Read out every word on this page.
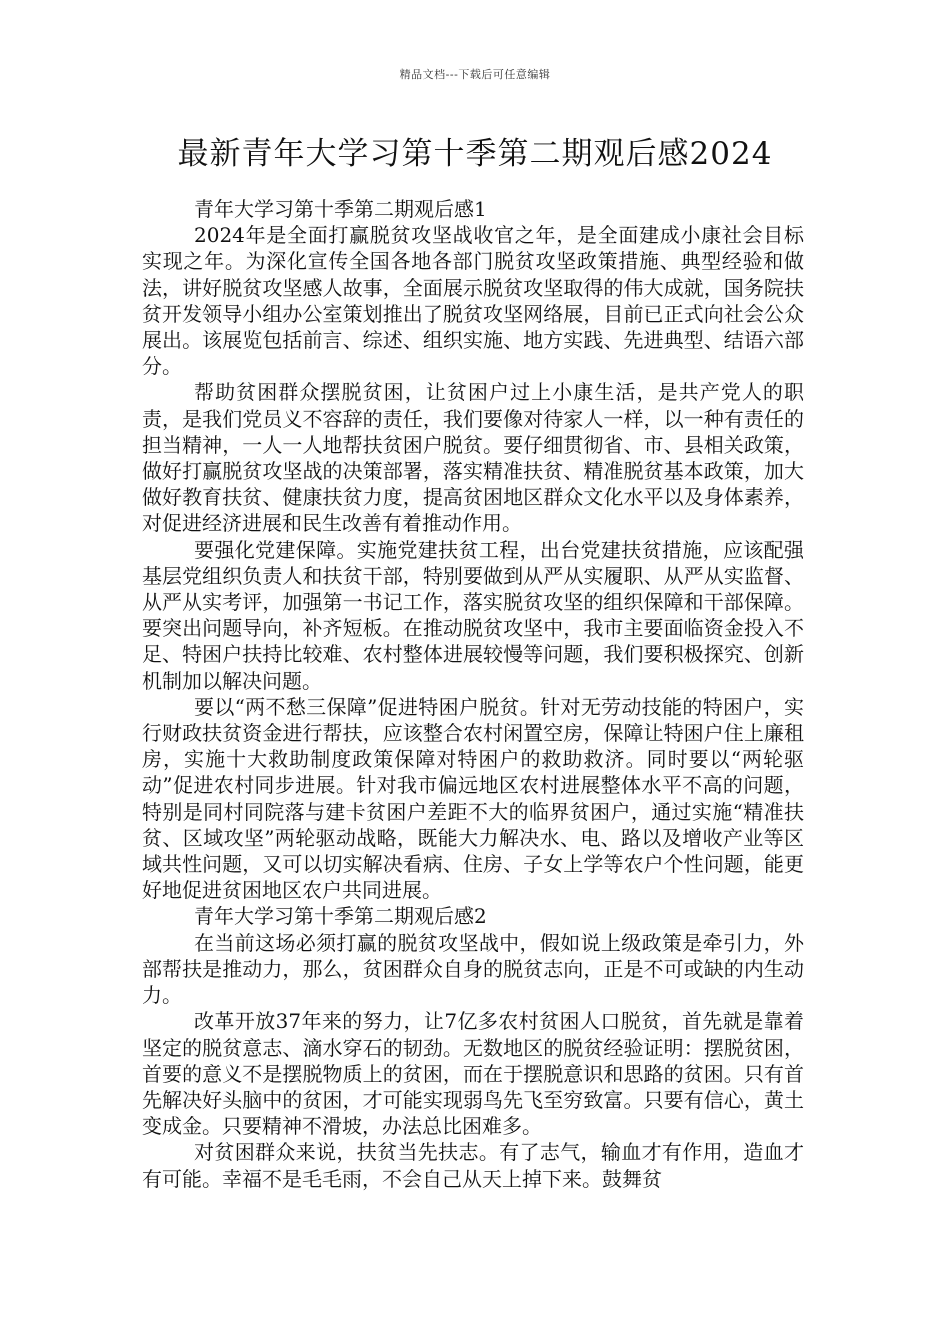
精品文档---下载后可任意编辑
最新青年大学习第十季第二期观后感2024

青年大学习第十季第二期观后感1

2024年是全面打赢脱贫攻坚战收官之年，是全面建成小康社会目标实现之年。为深化宣传全国各地各部门脱贫攻坚政策措施、典型经验和做法，讲好脱贫攻坚感人故事，全面展示脱贫攻坚取得的伟大成就，国务院扶贫开发领导小组办公室策划推出了脱贫攻坚网络展，目前已正式向社会公众展出。该展览包括前言、综述、组织实施、地方实践、先进典型、结语六部分。

帮助贫困群众摆脱贫困，让贫困户过上小康生活，是共产党人的职责，是我们党员义不容辞的责任，我们要像对待家人一样，以一种有责任的担当精神，一人一人地帮扶贫困户脱贫。要仔细贯彻省、市、县相关政策，做好打赢脱贫攻坚战的决策部署，落实精准扶贫、精准脱贫基本政策，加大做好教育扶贫、健康扶贫力度，提高贫困地区群众文化水平以及身体素养，对促进经济进展和民生改善有着推动作用。

要强化党建保障。实施党建扶贫工程，出台党建扶贫措施，应该配强基层党组织负责人和扶贫干部，特别要做到从严从实履职、从严从实监督、从严从实考评，加强第一书记工作，落实脱贫攻坚的组织保障和干部保障。要突出问题导向，补齐短板。在推动脱贫攻坚中，我市主要面临资金投入不足、特困户扶持比较难、农村整体进展较慢等问题，我们要积极探究、创新机制加以解决问题。

要以“两不愁三保障”促进特困户脱贫。针对无劳动技能的特困户，实行财政扶贫资金进行帮扶，应该整合农村闲置空房，保障让特困户住上廉租房，实施十大救助制度政策保障对特困户的救助救济。同时要以“两轮驱动”促进农村同步进展。针对我市偏远地区农村进展整体水平不高的问题，特别是同村同院落与建卡贫困户差距不大的临界贫困户，通过实施“精准扶贫、区域攻坚”两轮驱动战略，既能大力解决水、电、路以及增收产业等区域共性问题，又可以切实解决看病、住房、子女上学等农户个性问题，能更好地促进贫困地区农户共同进展。

青年大学习第十季第二期观后感2

在当前这场必须打赢的脱贫攻坚战中，假如说上级政策是牵引力，外部帮扶是推动力，那么，贫困群众自身的脱贫志向，正是不可或缺的内生动力。

改革开放37年来的努力，让7亿多农村贫困人口脱贫，首先就是靠着坚定的脱贫意志、滴水穿石的韧劲。无数地区的脱贫经验证明：摆脱贫困，首要的意义不是摆脱物质上的贫困，而在于摆脱意识和思路的贫困。只有首先解决好头脑中的贫困，才可能实现弱鸟先飞至穷致富。只要有信心，黄土变成金。只要精神不滑坡，办法总比困难多。

对贫困群众来说，扶贫当先扶志。有了志气，输血才有作用，造血才有可能。幸福不是毛毛雨，不会自己从天上掉下来。鼓舞贫
